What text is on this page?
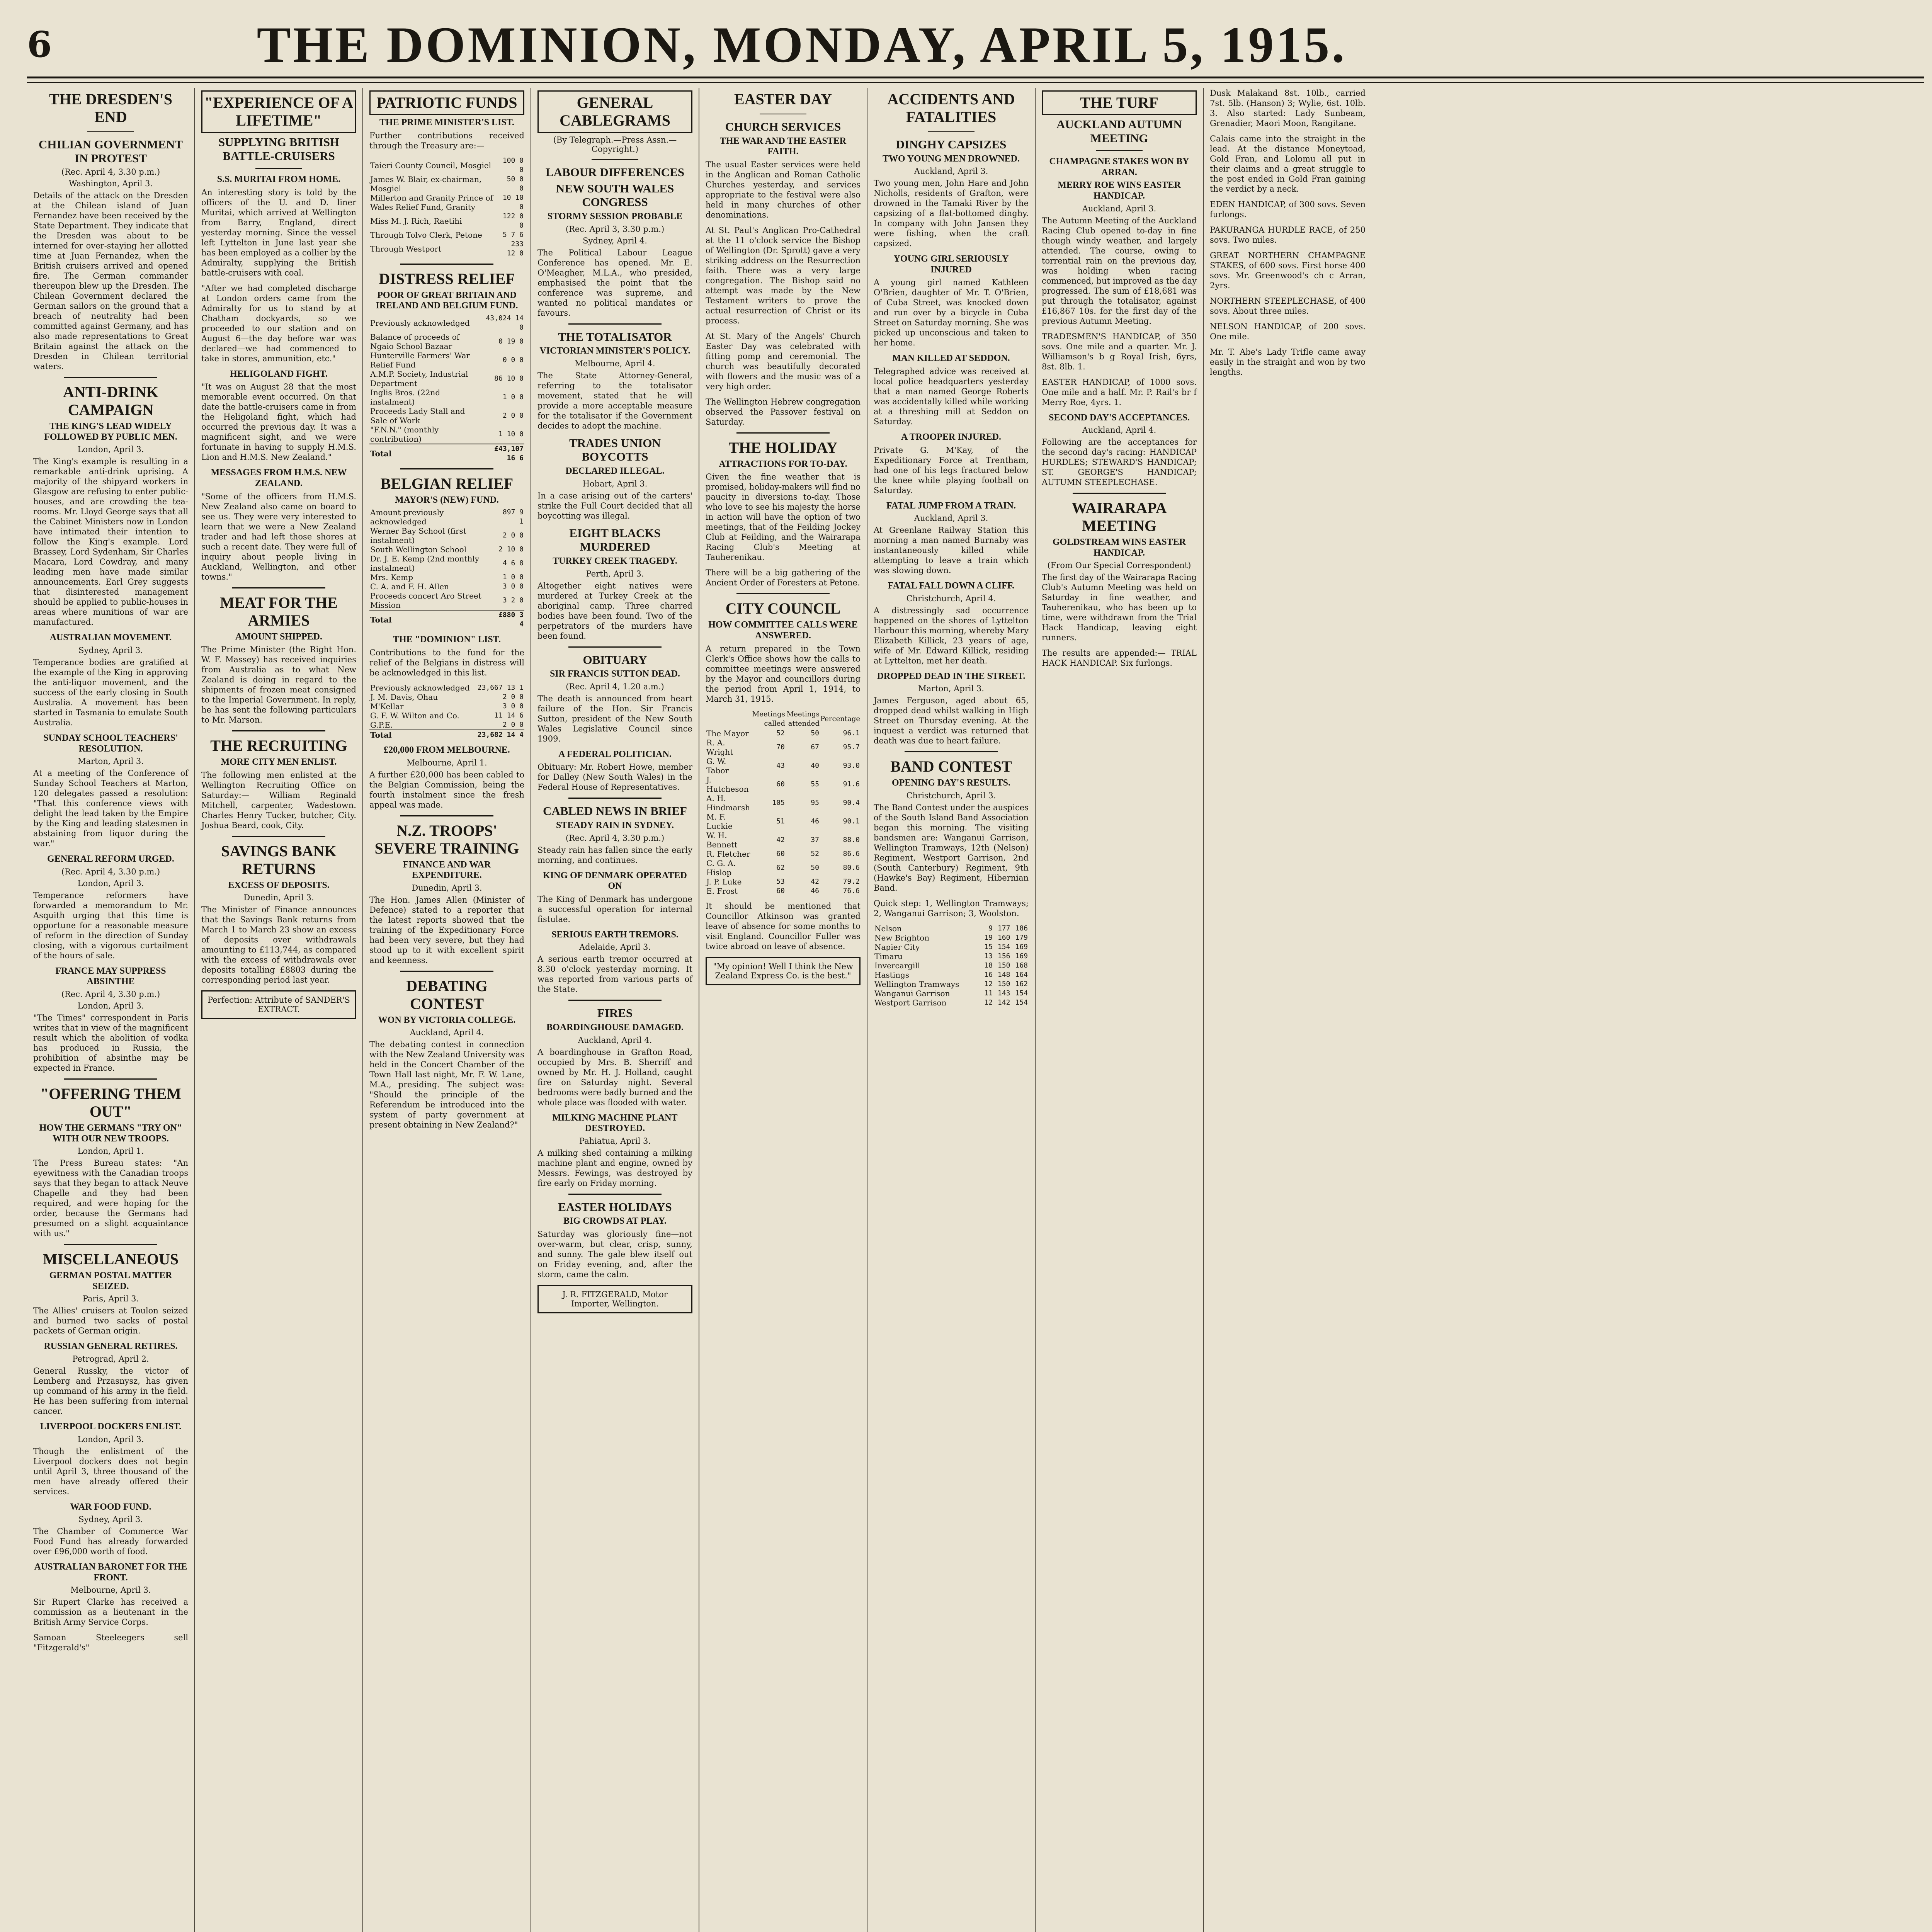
6	THE DOMINION, MONDAY, APRIL 5, 1915.
THE DRESDEN'S END
CHILIAN GOVERNMENT IN PROTEST
(Rec. April 4, 3.30 p.m.)
Washington, April 3.

Details of the attack on the Dresden at the Chilean island of Juan Fernandez have been received by the State Department. They indicate that the Dresden was about to be interned for over-staying her allotted time at Juan Fernandez, when the British cruisers arrived and opened fire. The German commander thereupon blew up the Dresden. The Chilean Government declared the German sailors on the ground that a breach of neutrality had been committed against Germany, and has also made representations to Great Britain against the attack on the Dresden in Chilean territorial waters.

ANTI-DRINK CAMPAIGN
THE KING'S LEAD WIDELY FOLLOWED BY PUBLIC MEN.
London, April 3.

The King's example is resulting in a remarkable anti-drink uprising. A majority of the shipyard workers in Glasgow are refusing to enter public-houses, and are crowding the tea-rooms. Mr. Lloyd George says that all the Cabinet Ministers now in London have intimated their intention to follow the King's example. Lord Brassey, Lord Sydenham, Sir Charles Macara, Lord Cowdray, and many leading men have made similar announcements. Earl Grey suggests that disinterested management should be applied to public-houses in areas where munitions of war are manufactured.

AUSTRALIAN MOVEMENT.
Sydney, April 3.

Temperance bodies are gratified at the example of the King in approving the anti-liquor movement, and the success of the early closing in South Australia. A movement has been started in Tasmania to emulate South Australia.

SUNDAY SCHOOL TEACHERS' RESOLUTION.
Marton, April 3.

At a meeting of the Conference of Sunday School Teachers at Marton, 120 delegates passed a resolution: "That this conference views with delight the lead taken by the Empire by the King and leading statesmen in abstaining from liquor during the war."

GENERAL REFORM URGED.
(Rec. April 4, 3.30 p.m.)
London, April 3.

Temperance reformers have forwarded a memorandum to Mr. Asquith urging that this time is opportune for a reasonable measure of reform in the direction of Sunday closing, with a vigorous curtailment of the hours of sale.

FRANCE MAY SUPPRESS ABSINTHE
(Rec. April 4, 3.30 p.m.)
London, April 3.

"The Times" correspondent in Paris writes that in view of the magnificent result which the abolition of vodka has produced in Russia, the prohibition of absinthe may be expected in France.

"OFFERING THEM OUT"
HOW THE GERMANS "TRY ON" WITH OUR NEW TROOPS.
London, April 1.

The Press Bureau states: "An eyewitness with the Canadian troops says that they began to attack Neuve Chapelle and they had been required, and were hoping for the order, because the Germans had presumed on a slight acquaintance with us."

MISCELLANEOUS
GERMAN POSTAL MATTER SEIZED.
Paris, April 3.

The Allies' cruisers at Toulon seized and burned two sacks of postal packets of German origin.

RUSSIAN GENERAL RETIRES.
Petrograd, April 2.

General Russky, the victor of Lemberg and Przasnysz, has given up command of his army in the field. He has been suffering from internal cancer.

LIVERPOOL DOCKERS ENLIST.
London, April 3.

Though the enlistment of the Liverpool dockers does not begin until April 3, three thousand of the men have already offered their services.

WAR FOOD FUND.
Sydney, April 3.

The Chamber of Commerce War Food Fund has already forwarded over £96,000 worth of food.

AUSTRALIAN BARONET FOR THE FRONT.
Melbourne, April 3.

Sir Rupert Clarke has received a commission as a lieutenant in the British Army Service Corps.

Samoan Steeleegers sell "Fitzgerald's"

"EXPERIENCE OF A LIFETIME"
SUPPLYING BRITISH BATTLE-CRUISERS
S.S. MURITAI FROM HOME.

An interesting story is told by the officers of the U. and D. liner Muritai, which arrived at Wellington from Barry, England, direct yesterday morning. Since the vessel left Lyttelton in June last year she has been employed as a collier by the Admiralty, supplying the British battle-cruisers with coal.

"After we had completed discharge at London orders came from the Admiralty for us to stand by at Chatham dockyards, so we proceeded to our station and on August 6—the day before war was declared—we had commenced to take in stores, ammunition, etc."

HELIGOLAND FIGHT.

"It was on August 28 that the most memorable event occurred. On that date the battle-cruisers came in from the Heligoland fight, which had occurred the previous day. It was a magnificent sight, and we were fortunate in having to supply H.M.S. Lion and H.M.S. New Zealand."

MESSAGES FROM H.M.S. NEW ZEALAND.

"Some of the officers from H.M.S. New Zealand also came on board to see us. They were very interested to learn that we were a New Zealand trader and had left those shores at such a recent date. They were full of inquiry about people living in Auckland, Wellington, and other towns."

MEAT FOR THE ARMIES
AMOUNT SHIPPED.

The Prime Minister (the Right Hon. W. F. Massey) has received inquiries from Australia as to what New Zealand is doing in regard to the shipments of frozen meat consigned to the Imperial Government. In reply, he has sent the following particulars to Mr. Marson.

THE RECRUITING
MORE CITY MEN ENLIST.

The following men enlisted at the Wellington Recruiting Office on Saturday:— William Reginald Mitchell, carpenter, Wadestown. Charles Henry Tucker, butcher, City. Joshua Beard, cook, City.

SAVINGS BANK RETURNS
EXCESS OF DEPOSITS.
Dunedin, April 3.

The Minister of Finance announces that the Savings Bank returns from March 1 to March 23 show an excess of deposits over withdrawals amounting to £113,744, as compared with the excess of withdrawals over deposits totalling £8803 during the corresponding period last year.

Perfection: Attribute of SANDER'S EXTRACT.
PATRIOTIC FUNDS
THE PRIME MINISTER'S LIST.

Further contributions received through the Treasury are:—

Taieri County Council, Mosgiel	100 0 0
James W. Blair, ex-chairman, Mosgiel	50 0 0
Millerton and Granity Prince of Wales Relief Fund, Granity	10 10 0
Miss M. J. Rich, Raetihi	122 0 0
Through Tolvo Clerk, Petone	5 7 6
Through Westport	233 12 0
DISTRESS RELIEF
POOR OF GREAT BRITAIN AND IRELAND AND BELGIUM FUND.
Previously acknowledged	43,024 14 0
Balance of proceeds of Ngaio School Bazaar	0 19 0
Hunterville Farmers' War Relief Fund	0 0 0
A.M.P. Society, Industrial Department	86 10 0
Inglis Bros. (22nd instalment)	1 0 0
Proceeds Lady Stall and Sale of Work	2 0 0
"F.N.N." (monthly contribution)	1 10 0
Total	£43,107 16 6
BELGIAN RELIEF
MAYOR'S (NEW) FUND.
Amount previously acknowledged	897 9 1
Werner Bay School (first instalment)	2 0 0
South Wellington School	2 10 0
Dr. J. E. Kemp (2nd monthly instalment)	4 6 8
Mrs. Kemp	1 0 0
C. A. and F. H. Allen	3 0 0
Proceeds concert Aro Street Mission	3 2 0
Total	£880 3 4
THE "DOMINION" LIST.

Contributions to the fund for the relief of the Belgians in distress will be acknowledged in this list.

Previously acknowledged	23,667 13 1
J. M. Davis, Ohau	2 0 0
M'Kellar	3 0 0
G. F. W. Wilton and Co.	11 14 6
G.P.E.	2 0 0
Total	23,682 14 4
£20,000 FROM MELBOURNE.
Melbourne, April 1.

A further £20,000 has been cabled to the Belgian Commission, being the fourth instalment since the fresh appeal was made.

N.Z. TROOPS' SEVERE TRAINING
FINANCE AND WAR EXPENDITURE.
Dunedin, April 3.

The Hon. James Allen (Minister of Defence) stated to a reporter that the latest reports showed that the training of the Expeditionary Force had been very severe, but they had stood up to it with excellent spirit and keenness.

DEBATING CONTEST
WON BY VICTORIA COLLEGE.
Auckland, April 4.

The debating contest in connection with the New Zealand University was held in the Concert Chamber of the Town Hall last night, Mr. F. W. Lane, M.A., presiding. The subject was: "Should the principle of the Referendum be introduced into the system of party government at present obtaining in New Zealand?"

GENERAL CABLEGRAMS
(By Telegraph.—Press Assn.—Copyright.)
LABOUR DIFFERENCES
NEW SOUTH WALES CONGRESS
STORMY SESSION PROBABLE
(Rec. April 3, 3.30 p.m.)
Sydney, April 4.

The Political Labour League Conference has opened. Mr. E. O'Meagher, M.L.A., who presided, emphasised the point that the conference was supreme, and wanted no political mandates or favours.

THE TOTALISATOR
VICTORIAN MINISTER'S POLICY.
Melbourne, April 4.

The State Attorney-General, referring to the totalisator movement, stated that he will provide a more acceptable measure for the totalisator if the Government decides to adopt the machine.

TRADES UNION BOYCOTTS
DECLARED ILLEGAL.
Hobart, April 3.

In a case arising out of the carters' strike the Full Court decided that all boycotting was illegal.

EIGHT BLACKS MURDERED
TURKEY CREEK TRAGEDY.
Perth, April 3.

Altogether eight natives were murdered at Turkey Creek at the aboriginal camp. Three charred bodies have been found. Two of the perpetrators of the murders have been found.

OBITUARY
SIR FRANCIS SUTTON DEAD.
(Rec. April 4, 1.20 a.m.)

The death is announced from heart failure of the Hon. Sir Francis Sutton, president of the New South Wales Legislative Council since 1909.

A FEDERAL POLITICIAN.

Obituary: Mr. Robert Howe, member for Dalley (New South Wales) in the Federal House of Representatives.

CABLED NEWS IN BRIEF
STEADY RAIN IN SYDNEY.
(Rec. April 4, 3.30 p.m.)

Steady rain has fallen since the early morning, and continues.

KING OF DENMARK OPERATED ON

The King of Denmark has undergone a successful operation for internal fistulae.

SERIOUS EARTH TREMORS.
Adelaide, April 3.

A serious earth tremor occurred at 8.30 o'clock yesterday morning. It was reported from various parts of the State.

FIRES
BOARDINGHOUSE DAMAGED.
Auckland, April 4.

A boardinghouse in Grafton Road, occupied by Mrs. B. Sherriff and owned by Mr. H. J. Holland, caught fire on Saturday night. Several bedrooms were badly burned and the whole place was flooded with water.

MILKING MACHINE PLANT DESTROYED.
Pahiatua, April 3.

A milking shed containing a milking machine plant and engine, owned by Messrs. Fewings, was destroyed by fire early on Friday morning.

EASTER HOLIDAYS
BIG CROWDS AT PLAY.

Saturday was gloriously fine—not over-warm, but clear, crisp, sunny, and sunny. The gale blew itself out on Friday evening, and, after the storm, came the calm.

J. R. FITZGERALD, Motor Importer, Wellington.
EASTER DAY
CHURCH SERVICES
THE WAR AND THE EASTER FAITH.

The usual Easter services were held in the Anglican and Roman Catholic Churches yesterday, and services appropriate to the festival were also held in many churches of other denominations.

At St. Paul's Anglican Pro-Cathedral at the 11 o'clock service the Bishop of Wellington (Dr. Sprott) gave a very striking address on the Resurrection faith. There was a very large congregation. The Bishop said no attempt was made by the New Testament writers to prove the actual resurrection of Christ or its process.

At St. Mary of the Angels' Church Easter Day was celebrated with fitting pomp and ceremonial. The church was beautifully decorated with flowers and the music was of a very high order.

The Wellington Hebrew congregation observed the Passover festival on Saturday.

THE HOLIDAY
ATTRACTIONS FOR TO-DAY.

Given the fine weather that is promised, holiday-makers will find no paucity in diversions to-day. Those who love to see his majesty the horse in action will have the option of two meetings, that of the Feilding Jockey Club at Feilding, and the Wairarapa Racing Club's Meeting at Tauherenikau.

There will be a big gathering of the Ancient Order of Foresters at Petone.

CITY COUNCIL
HOW COMMITTEE CALLS WERE ANSWERED.

A return prepared in the Town Clerk's Office shows how the calls to committee meetings were answered by the Mayor and councillors during the period from April 1, 1914, to March 31, 1915.

	Meetings called	Meetings attended	Percentage
The Mayor	52	50	96.1
R. A. Wright	70	67	95.7
G. W. Tabor	43	40	93.0
J. Hutcheson	60	55	91.6
A. H. Hindmarsh	105	95	90.4
M. F. Luckie	51	46	90.1
W. H. Bennett	42	37	88.0
R. Fletcher	60	52	86.6
C. G. A. Hislop	62	50	80.6
J. P. Luke	53	42	79.2
E. Frost	60	46	76.6

It should be mentioned that Councillor Atkinson was granted leave of absence for some months to visit England. Councillor Fuller was twice abroad on leave of absence.

"My opinion! Well I think the New Zealand Express Co. is the best."
ACCIDENTS AND FATALITIES
DINGHY CAPSIZES
TWO YOUNG MEN DROWNED.
Auckland, April 3.

Two young men, John Hare and John Nicholls, residents of Grafton, were drowned in the Tamaki River by the capsizing of a flat-bottomed dinghy. In company with John Jansen they were fishing, when the craft capsized.

YOUNG GIRL SERIOUSLY INJURED

A young girl named Kathleen O'Brien, daughter of Mr. T. O'Brien, of Cuba Street, was knocked down and run over by a bicycle in Cuba Street on Saturday morning. She was picked up unconscious and taken to her home.

MAN KILLED AT SEDDON.

Telegraphed advice was received at local police headquarters yesterday that a man named George Roberts was accidentally killed while working at a threshing mill at Seddon on Saturday.

A TROOPER INJURED.

Private G. M'Kay, of the Expeditionary Force at Trentham, had one of his legs fractured below the knee while playing football on Saturday.

FATAL JUMP FROM A TRAIN.
Auckland, April 3.

At Greenlane Railway Station this morning a man named Burnaby was instantaneously killed while attempting to leave a train which was slowing down.

FATAL FALL DOWN A CLIFF.
Christchurch, April 4.

A distressingly sad occurrence happened on the shores of Lyttelton Harbour this morning, whereby Mary Elizabeth Killick, 23 years of age, wife of Mr. Edward Killick, residing at Lyttelton, met her death.

DROPPED DEAD IN THE STREET.
Marton, April 3.

James Ferguson, aged about 65, dropped dead whilst walking in High Street on Thursday evening. At the inquest a verdict was returned that death was due to heart failure.

BAND CONTEST
OPENING DAY'S RESULTS.
Christchurch, April 3.

The Band Contest under the auspices of the South Island Band Association began this morning. The visiting bandsmen are: Wanganui Garrison, Wellington Tramways, 12th (Nelson) Regiment, Westport Garrison, 2nd (South Canterbury) Regiment, 9th (Hawke's Bay) Regiment, Hibernian Band.

Quick step: 1, Wellington Tramways; 2, Wanganui Garrison; 3, Woolston.

Nelson	9	177	186
New Brighton	19	160	179
Napier City	15	154	169
Timaru	13	156	169
Invercargill	18	150	168
Hastings	16	148	164
Wellington Tramways	12	150	162
Wanganui Garrison	11	143	154
Westport Garrison	12	142	154
THE TURF
AUCKLAND AUTUMN MEETING
CHAMPAGNE STAKES WON BY ARRAN.
MERRY ROE WINS EASTER HANDICAP.
Auckland, April 3.

The Autumn Meeting of the Auckland Racing Club opened to-day in fine though windy weather, and largely attended. The course, owing to torrential rain on the previous day, was holding when racing commenced, but improved as the day progressed. The sum of £18,681 was put through the totalisator, against £16,867 10s. for the first day of the previous Autumn Meeting.

TRADESMEN'S HANDICAP, of 350 sovs. One mile and a quarter. Mr. J. Williamson's b g Royal Irish, 6yrs, 8st. 8lb. 1.

EASTER HANDICAP, of 1000 sovs. One mile and a half. Mr. P. Rail's br f Merry Roe, 4yrs. 1.

SECOND DAY'S ACCEPTANCES.
Auckland, April 4.

Following are the acceptances for the second day's racing: HANDICAP HURDLES; STEWARD'S HANDICAP; ST. GEORGE'S HANDICAP; AUTUMN STEEPLECHASE.

WAIRARAPA MEETING
GOLDSTREAM WINS EASTER HANDICAP.
(From Our Special Correspondent)

The first day of the Wairarapa Racing Club's Autumn Meeting was held on Saturday in fine weather, and Tauherenikau, who has been up to time, were withdrawn from the Trial Hack Handicap, leaving eight runners.

The results are appended:— TRIAL HACK HANDICAP. Six furlongs.

Dusk Malakand 8st. 10lb., carried 7st. 5lb. (Hanson) 3; Wylie, 6st. 10lb. 3. Also started: Lady Sunbeam, Grenadier, Maori Moon, Rangitane.

Calais came into the straight in the lead. At the distance Moneytoad, Gold Fran, and Lolomu all put in their claims and a great struggle to the post ended in Gold Fran gaining the verdict by a neck.

EDEN HANDICAP, of 300 sovs. Seven furlongs.

PAKURANGA HURDLE RACE, of 250 sovs. Two miles.

GREAT NORTHERN CHAMPAGNE STAKES, of 600 sovs. First horse 400 sovs. Mr. Greenwood's ch c Arran, 2yrs.

NORTHERN STEEPLECHASE, of 400 sovs. About three miles.

NELSON HANDICAP, of 200 sovs. One mile.

Mr. T. Abe's Lady Trifle came away easily in the straight and won by two lengths.
